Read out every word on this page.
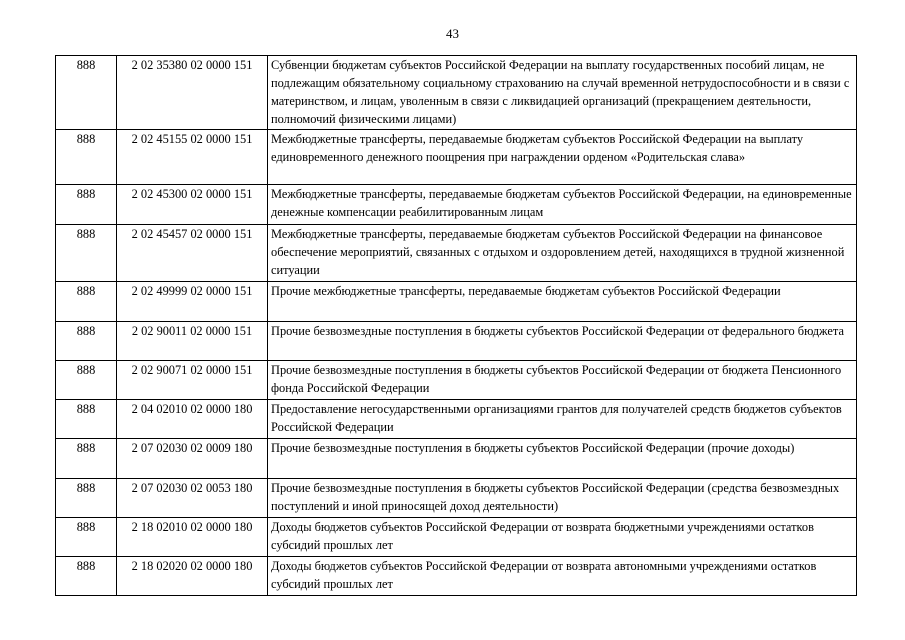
43
888	2 02 35380 02 0000 151	Субвенции бюджетам субъектов Российской Федерации на выплату государственных пособий лицам, не подлежащим обязательному социальному страхованию на случай временной нетрудоспособности и в связи с материнством, и лицам, уволенным в связи с ликвидацией организаций (прекращением деятельности, полномочий физическими лицами)
888	2 02 45155 02 0000 151	Межбюджетные трансферты, передаваемые бюджетам субъектов Российской Федерации на выплату единовременного денежного поощрения при награждении орденом «Родительская слава»
888	2 02 45300 02 0000 151	Межбюджетные трансферты, передаваемые бюджетам субъектов Российской Федерации, на единовременные денежные компенсации реабилитированным лицам
888	2 02 45457 02 0000 151	Межбюджетные трансферты, передаваемые бюджетам субъектов Российской Федерации на финансовое обеспечение мероприятий, связанных с отдыхом и оздоровлением детей, находящихся в трудной жизненной ситуации
888	2 02 49999 02 0000 151	Прочие межбюджетные трансферты, передаваемые бюджетам субъектов Российской Федерации
888	2 02 90011 02 0000 151	Прочие безвозмездные поступления в бюджеты субъектов Российской Федерации от федерального бюджета
888	2 02 90071 02 0000 151	Прочие безвозмездные поступления в бюджеты субъектов Российской Федерации от бюджета Пенсионного фонда Российской Федерации
888	2 04 02010 02 0000 180	Предоставление негосударственными организациями грантов для получателей средств бюджетов субъектов Российской Федерации
888	2 07 02030 02 0009 180	Прочие безвозмездные поступления в бюджеты субъектов Российской Федерации (прочие доходы)
888	2 07 02030 02 0053 180	Прочие безвозмездные поступления в бюджеты субъектов Российской Федерации (средства безвозмездных поступлений и иной приносящей доход деятельности)
888	2 18 02010 02 0000 180	Доходы бюджетов субъектов Российской Федерации от возврата бюджетными учреждениями остатков субсидий прошлых лет
888	2 18 02020 02 0000 180	Доходы бюджетов субъектов Российской Федерации от возврата автономными учреждениями остатков субсидий прошлых лет
